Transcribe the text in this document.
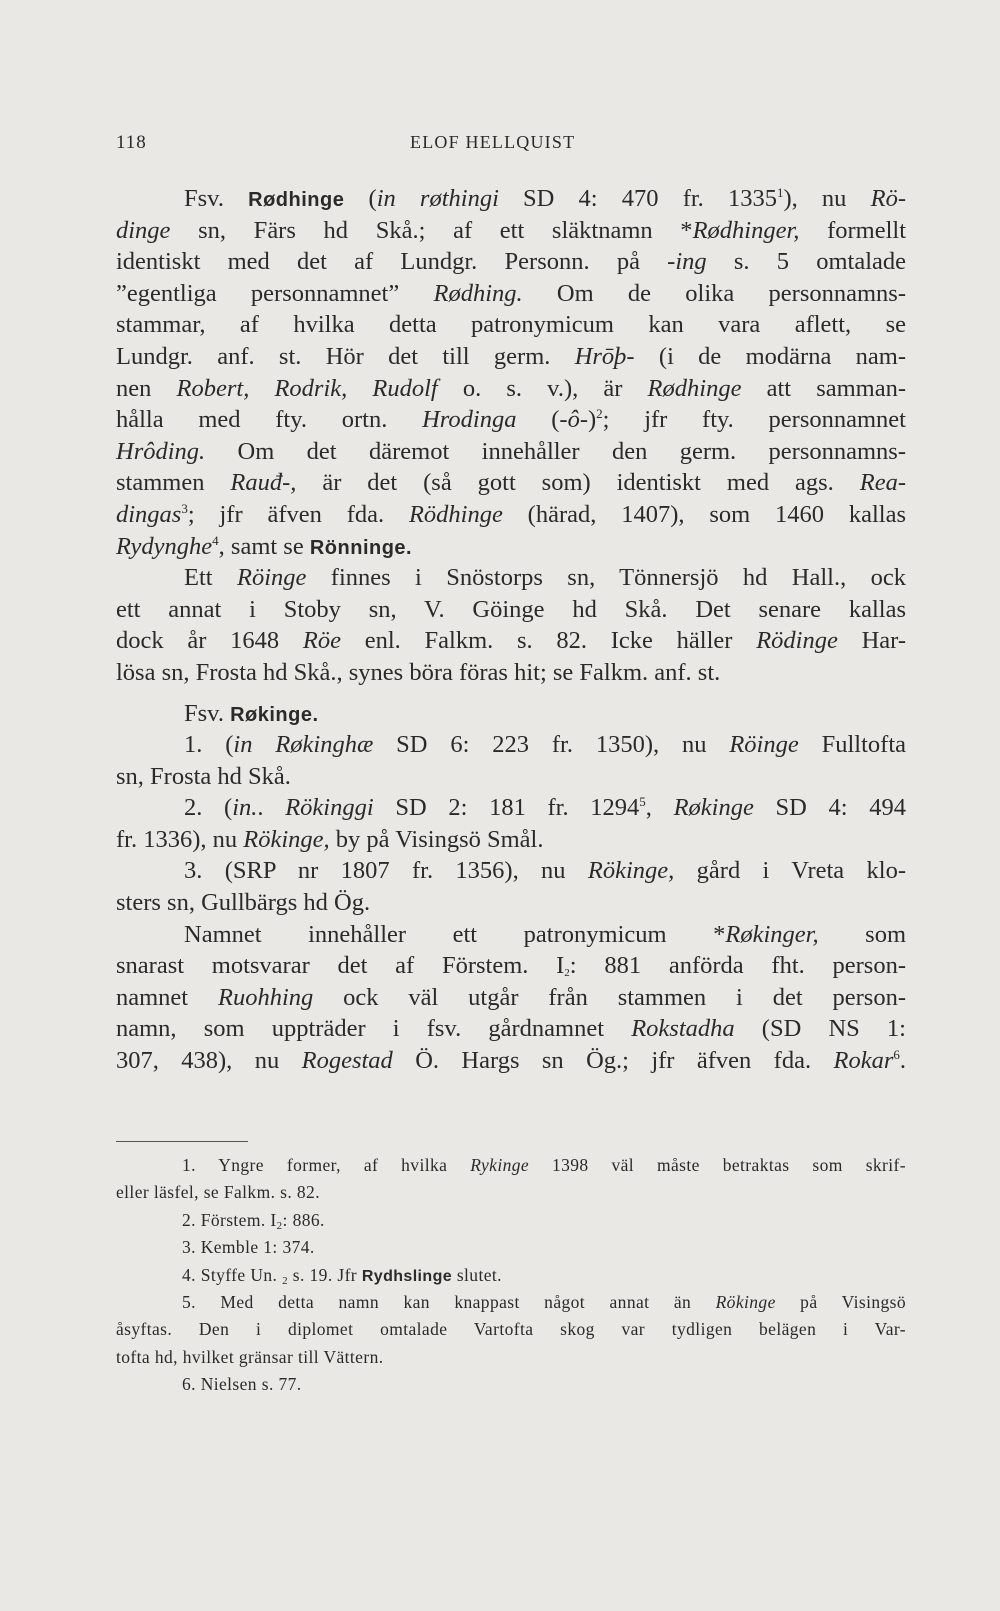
118	ELOF HELLQUIST
Fsv. Rødhinge (in røthingi SD 4: 470 fr. 1335$^1$), nu Rö-
dinge sn, Färs hd Skå.; af ett släktnamn *Rødhinger, formellt
identiskt med det af Lundgr. Personn. på -ing s. 5 omtalade
”egentliga personnamnet” Rødhing. Om de olika personnamns-
stammar, af hvilka detta patronymicum kan vara aflett, se
Lundgr. anf. st. Hör det till germ. Hrōþ- (i de modärna nam-
nen Robert, Rodrik, Rudolf o. s. v.), är Rødhinge att samman-
hålla med fty. ortn. Hrodinga (-ô-)$^2$; jfr fty. personnamnet
Hrôding. Om det däremot innehåller den germ. personnamns-
stammen Rauđ-, är det (så gott som) identiskt med ags. Rea-
dingas$^3$; jfr äfven fda. Rödhinge (härad, 1407), som 1460 kallas
Rydynghe$^4$, samt se Rönninge.
Ett Röinge finnes i Snöstorps sn, Tönnersjö hd Hall., ock
ett annat i Stoby sn, V. Göinge hd Skå. Det senare kallas
dock år 1648 Röe enl. Falkm. s. 82. Icke häller Rödinge Har-
lösa sn, Frosta hd Skå., synes böra föras hit; se Falkm. anf. st.
Fsv. Røkinge.
1. (in Røkinghæ SD 6: 223 fr. 1350), nu Röinge Fulltofta
sn, Frosta hd Skå.
2. (in.. Rökinggi SD 2: 181 fr. 1294$^5$, Røkinge SD 4: 494
fr. 1336), nu Rökinge, by på Visingsö Smål.
3. (SRP nr 1807 fr. 1356), nu Rökinge, gård i Vreta klo-
sters sn, Gullbärgs hd Ög.
Namnet innehåller ett patronymicum *Røkinger, som
snarast motsvarar det af Förstem. $I_2$: 881 anförda fht. person-
namnet Ruohhing ock väl utgår från stammen i det person-
namn, som uppträder i fsv. gårdnamnet Rokstadha (SD NS 1:
307, 438), nu Rogestad Ö. Hargs sn Ög.; jfr äfven fda. Rokar$^6$.
1. Yngre former, af hvilka Rykinge 1398 väl måste betraktas som skrif-
eller läsfel, se Falkm. s. 82.
2. Förstem. $I_2$: 886.
3. Kemble 1: 374.
4. Styffe Un. $_2$ s. 19. Jfr Rydhslinge slutet.
5. Med detta namn kan knappast något annat än Rökinge på Visingsö
åsyftas. Den i diplomet omtalade Vartofta skog var tydligen belägen i Var-
tofta hd, hvilket gränsar till Vättern.
6. Nielsen s. 77.
